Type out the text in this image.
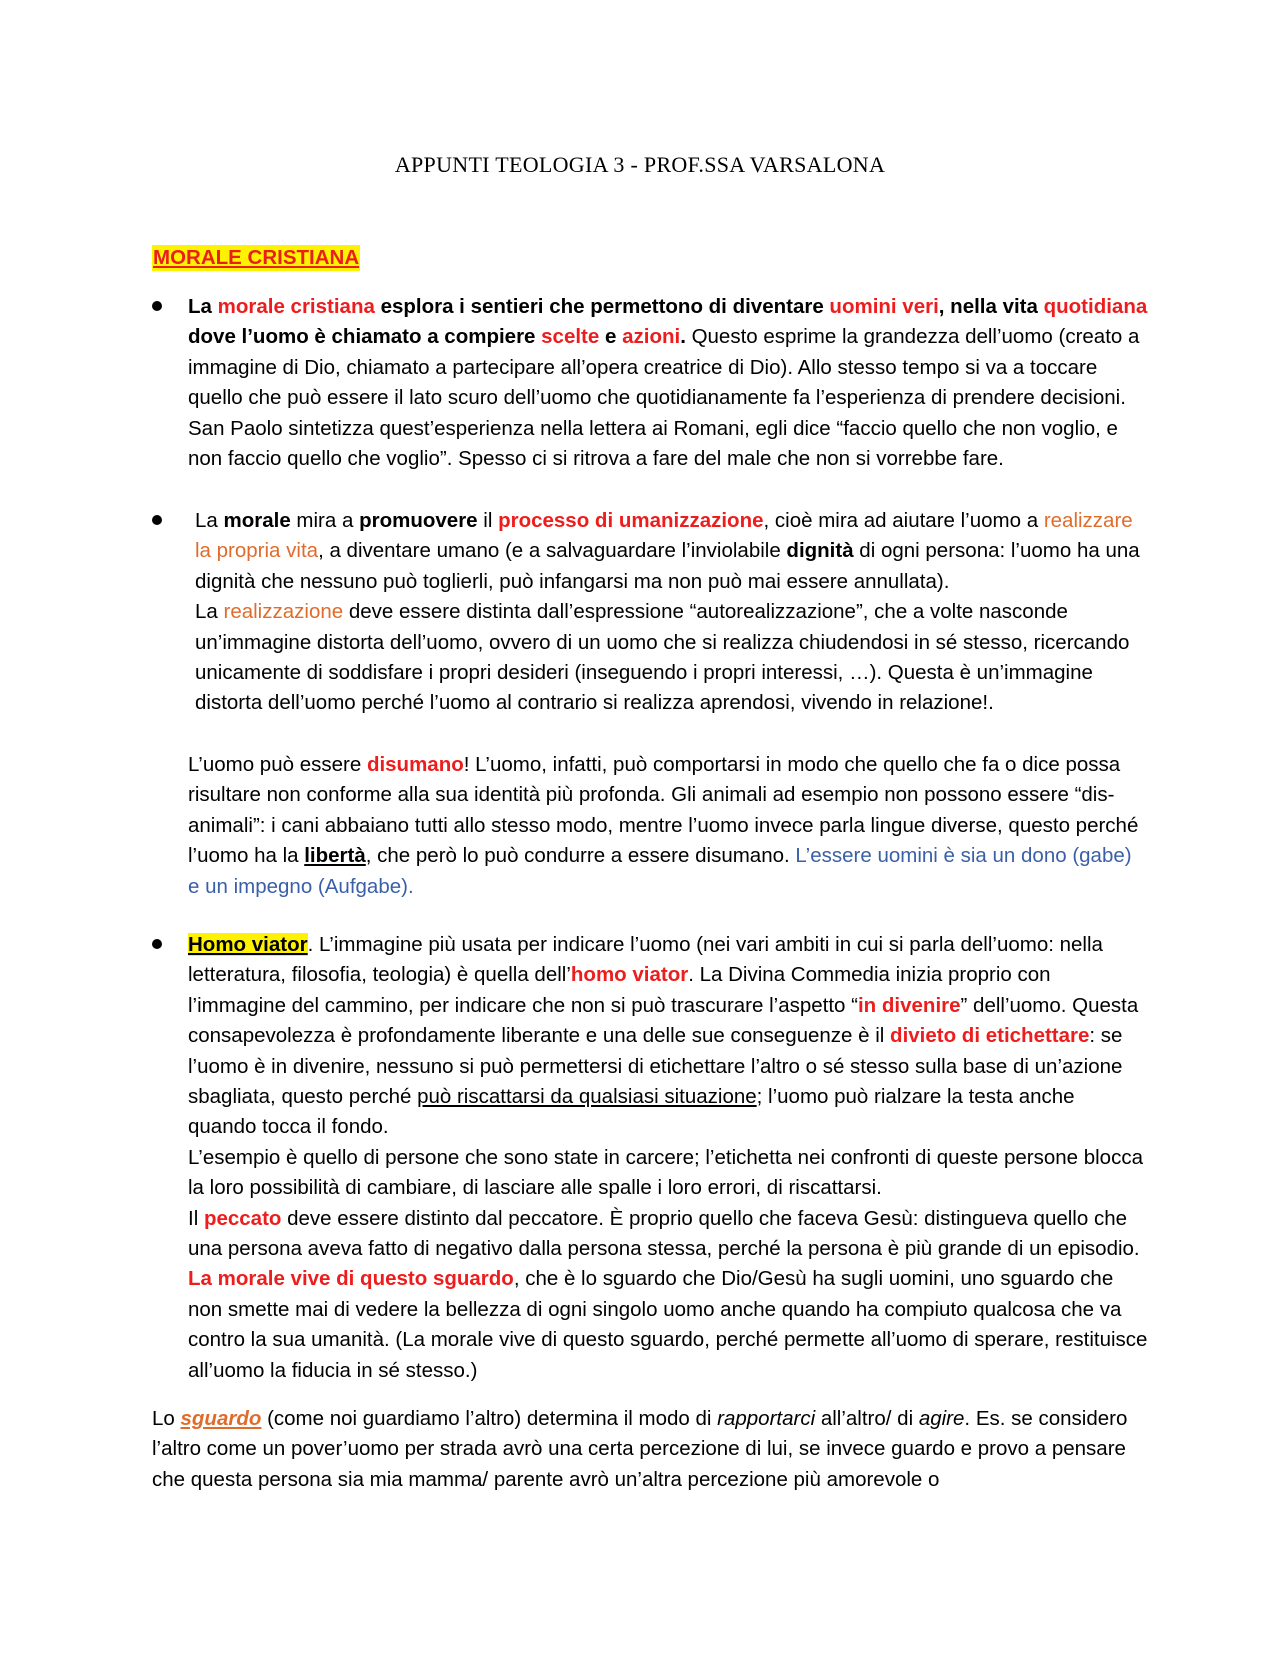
APPUNTI TEOLOGIA 3 - PROF.SSA VARSALONA
MORALE CRISTIANA

La morale cristiana esplora i sentieri che permettono di diventare uomini veri, nella vita quotidiana dove l’uomo è chiamato a compiere scelte e azioni. Questo esprime la grandezza dell’uomo (creato a immagine di Dio, chiamato a partecipare all’opera creatrice di Dio). Allo stesso tempo si va a toccare quello che può essere il lato scuro dell’uomo che quotidianamente fa l’esperienza di prendere decisioni. San Paolo sintetizza quest’esperienza nella lettera ai Romani, egli dice “faccio quello che non voglio, e non faccio quello che voglio”. Spesso ci si ritrova a fare del male che non si vorrebbe fare.

La morale mira a promuovere il processo di umanizzazione, cioè mira ad aiutare l’uomo a realizzare la propria vita, a diventare umano (e a salvaguardare l’inviolabile dignità di ogni persona: l’uomo ha una dignità che nessuno può toglierli, può infangarsi ma non può mai essere annullata).
La realizzazione deve essere distinta dall’espressione “autorealizzazione”, che a volte nasconde un’immagine distorta dell’uomo, ovvero di un uomo che si realizza chiudendosi in sé stesso, ricercando unicamente di soddisfare i propri desideri (inseguendo i propri interessi, …). Questa è un’immagine distorta dell’uomo perché l’uomo al contrario si realizza aprendosi, vivendo in relazione!.

L’uomo può essere disumano! L’uomo, infatti, può comportarsi in modo che quello che fa o dice possa risultare non conforme alla sua identità più profonda. Gli animali ad esempio non possono essere “dis-animali”: i cani abbaiano tutti allo stesso modo, mentre l’uomo invece parla lingue diverse, questo perché l’uomo ha la libertà, che però lo può condurre a essere disumano. L’essere uomini è sia un dono (gabe) e un impegno (Aufgabe).

Homo viator. L’immagine più usata per indicare l’uomo (nei vari ambiti in cui si parla dell’uomo: nella letteratura, filosofia, teologia) è quella dell’homo viator. La Divina Commedia inizia proprio con l’immagine del cammino, per indicare che non si può trascurare l’aspetto “in divenire” dell’uomo. Questa consapevolezza è profondamente liberante e una delle sue conseguenze è il divieto di etichettare: se l’uomo è in divenire, nessuno si può permettersi di etichettare l’altro o sé stesso sulla base di un’azione sbagliata, questo perché può riscattarsi da qualsiasi situazione; l’uomo può rialzare la testa anche quando tocca il fondo.
L’esempio è quello di persone che sono state in carcere; l’etichetta nei confronti di queste persone blocca la loro possibilità di cambiare, di lasciare alle spalle i loro errori, di riscattarsi.
Il peccato deve essere distinto dal peccatore. È proprio quello che faceva Gesù: distingueva quello che una persona aveva fatto di negativo dalla persona stessa, perché la persona è più grande di un episodio. La morale vive di questo sguardo, che è lo sguardo che Dio/Gesù ha sugli uomini, uno sguardo che non smette mai di vedere la bellezza di ogni singolo uomo anche quando ha compiuto qualcosa che va contro la sua umanità. (La morale vive di questo sguardo, perché permette all’uomo di sperare, restituisce all’uomo la fiducia in sé stesso.)

Lo sguardo (come noi guardiamo l’altro) determina il modo di rapportarci all’altro/ di agire. Es. se considero l’altro come un pover’uomo per strada avrò una certa percezione di lui, se invece guardo e provo a pensare che questa persona sia mia mamma/ parente avrò un’altra percezione più amorevole o
